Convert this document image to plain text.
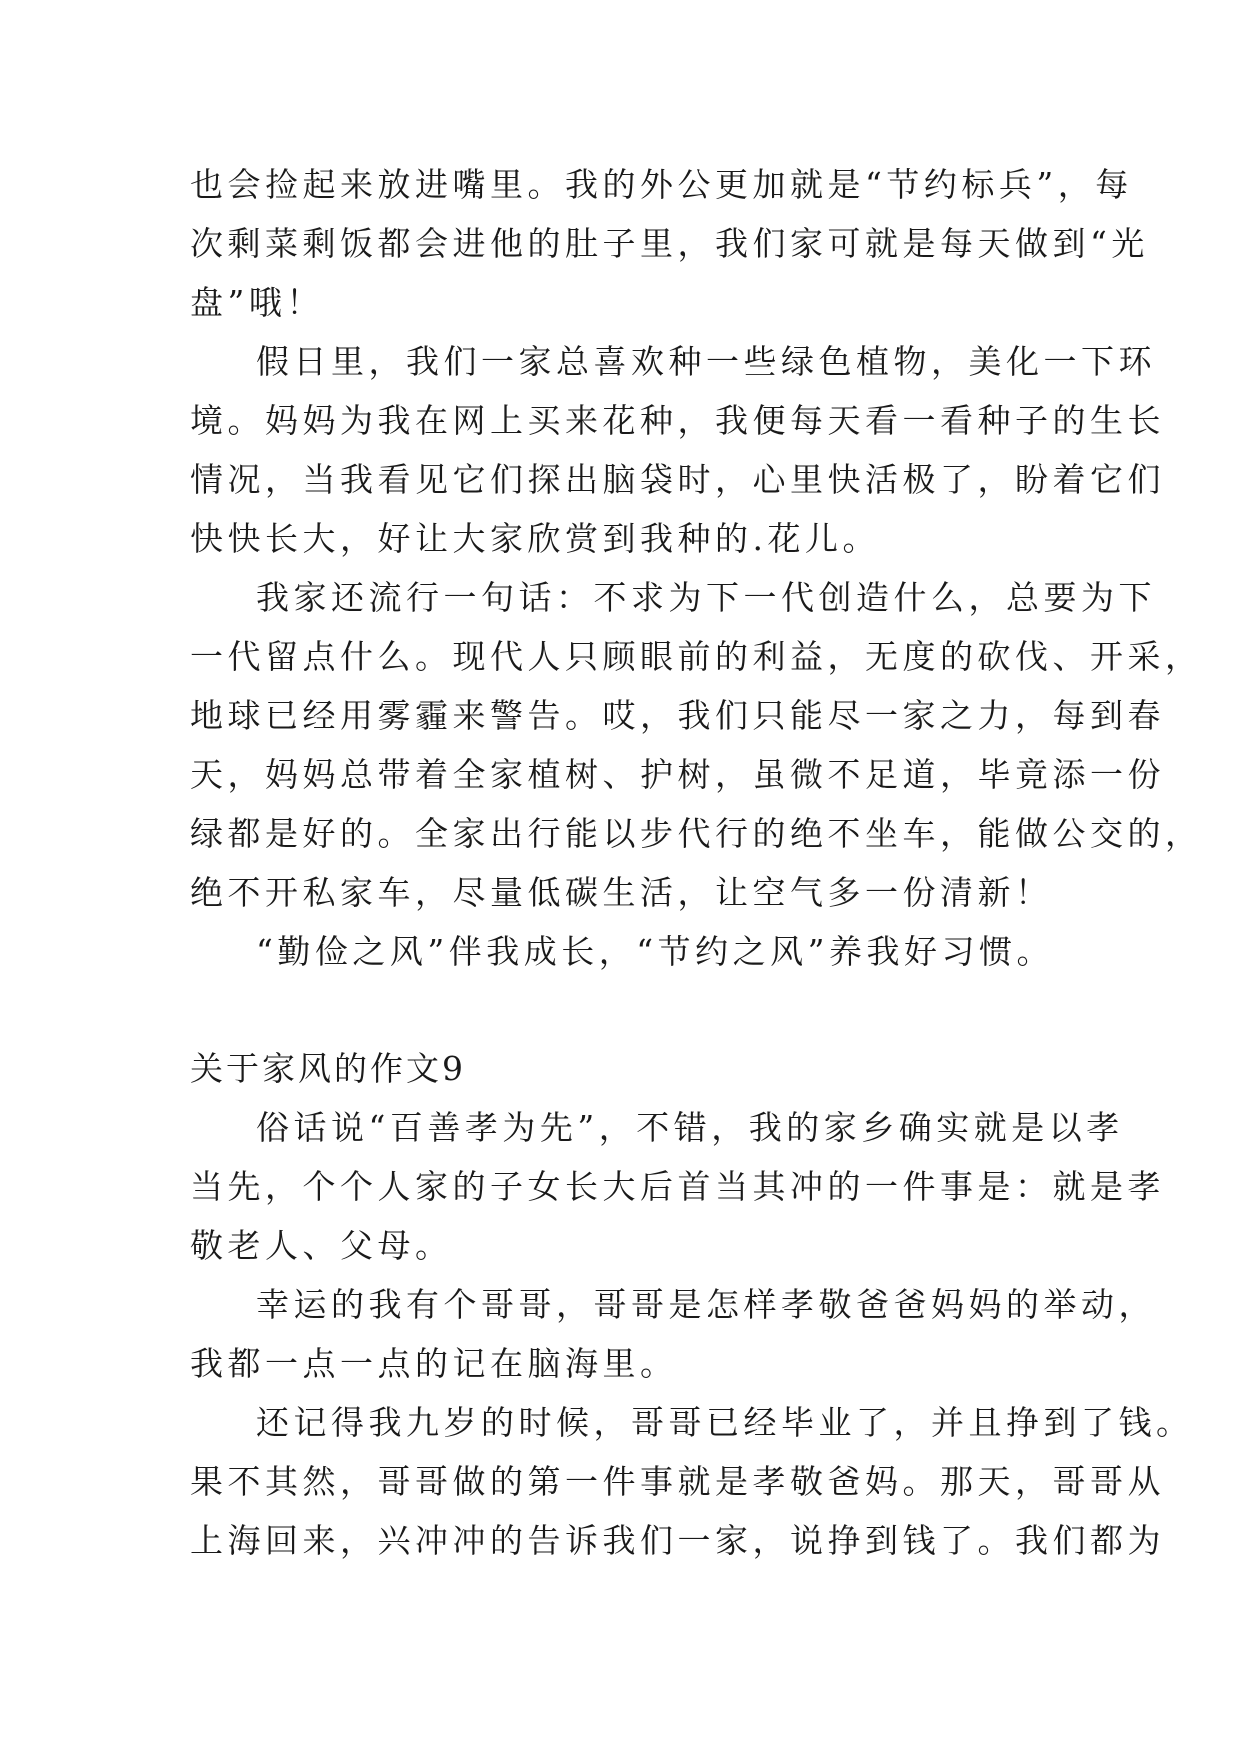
也会捡起来放进嘴里。我的外公更加就是“节约标兵”，每
次剩菜剩饭都会进他的肚子里，我们家可就是每天做到“光
盘”哦！
假日里，我们一家总喜欢种一些绿色植物，美化一下环
境。妈妈为我在网上买来花种，我便每天看一看种子的生长
情况，当我看见它们探出脑袋时，心里快活极了，盼着它们
快快长大，好让大家欣赏到我种的.花儿。
我家还流行一句话：不求为下一代创造什么，总要为下
一代留点什么。现代人只顾眼前的利益，无度的砍伐、开采，
地球已经用雾霾来警告。哎，我们只能尽一家之力，每到春
天，妈妈总带着全家植树、护树，虽微不足道，毕竟添一份
绿都是好的。全家出行能以步代行的绝不坐车，能做公交的，
绝不开私家车，尽量低碳生活，让空气多一份清新！
“勤俭之风”伴我成长，“节约之风”养我好习惯。
关于家风的作文9
俗话说“百善孝为先”，不错，我的家乡确实就是以孝
当先，个个人家的子女长大后首当其冲的一件事是：就是孝
敬老人、父母。
幸运的我有个哥哥，哥哥是怎样孝敬爸爸妈妈的举动，
我都一点一点的记在脑海里。
还记得我九岁的时候，哥哥已经毕业了，并且挣到了钱。
果不其然，哥哥做的第一件事就是孝敬爸妈。那天，哥哥从
上海回来，兴冲冲的告诉我们一家，说挣到钱了。我们都为
